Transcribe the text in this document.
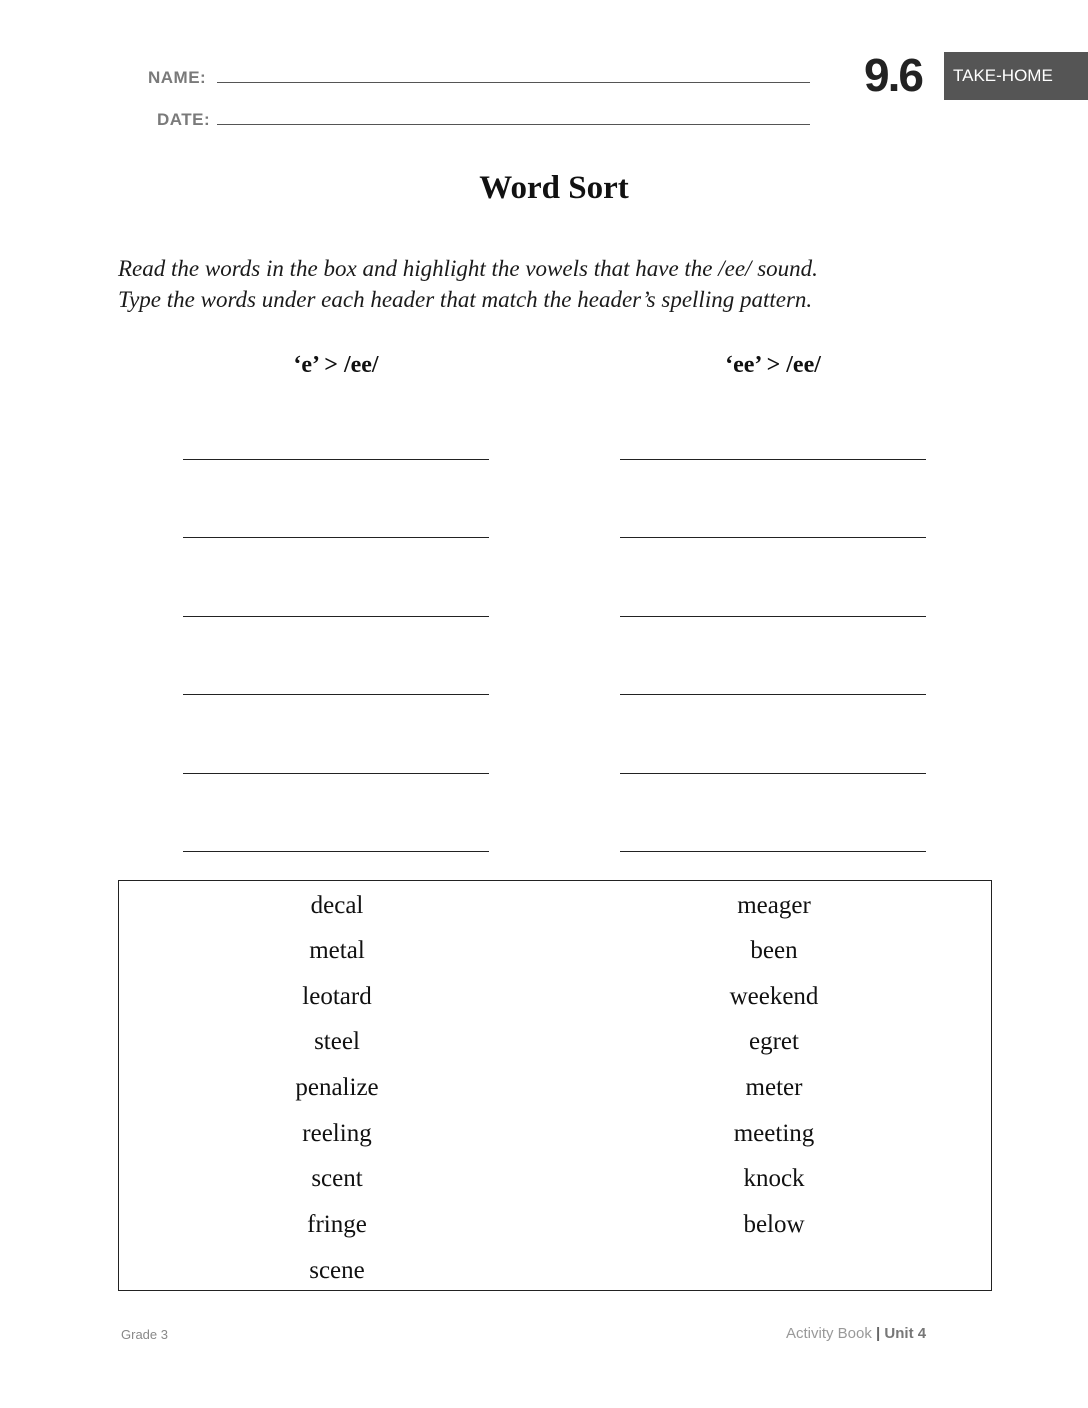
NAME:
DATE:
9.6	TAKE-HOME
Word Sort
Read the words in the box and highlight the vowels that have the /ee/ sound.
Type the words under each header that match the header’s spelling pattern.
‘e’ > /ee/	‘ee’ > /ee/
decal
metal
leotard
steel
penalize
reeling
scent
fringe
scene
meager
been
weekend
egret
meter
meeting
knock
below
Grade 3	Activity Book | Unit 4
